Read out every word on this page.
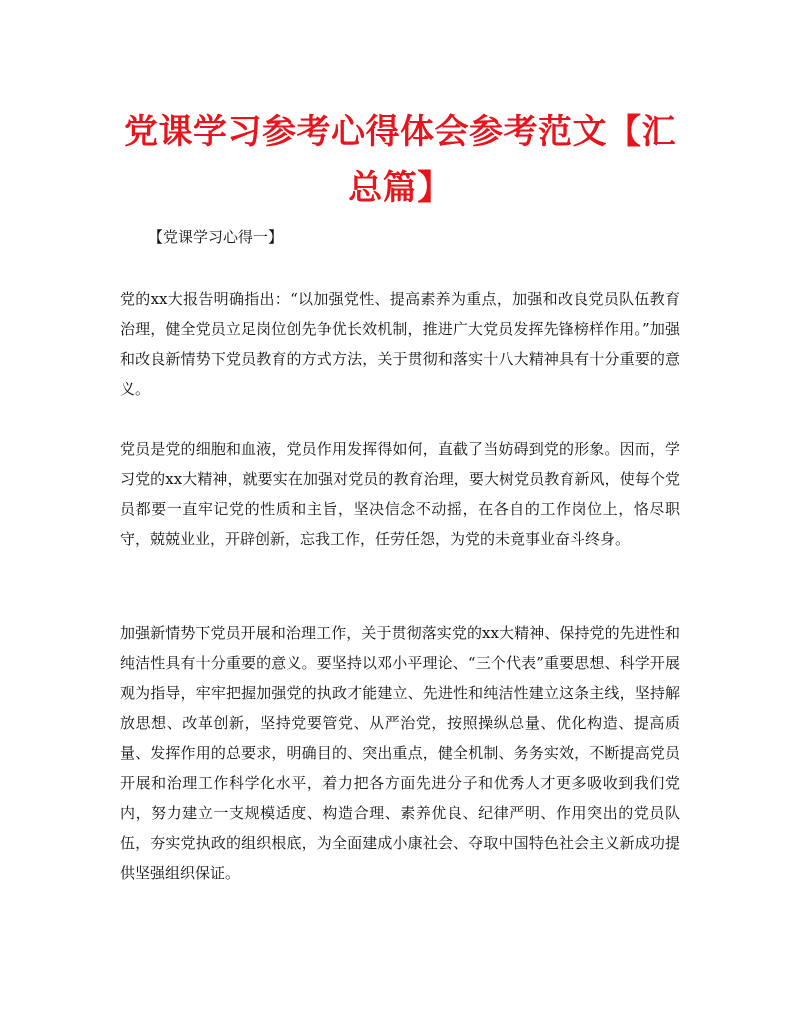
党课学习参考心得体会参考范文【汇总篇】

【党课学习心得一】

党的xx大报告明确指出：“以加强党性、提高素养为重点，加强和改良党员队伍教育治理，健全党员立足岗位创先争优长效机制，推进广大党员发挥先锋榜样作用。”加强和改良新情势下党员教育的方式方法，关于贯彻和落实十八大精神具有十分重要的意义。

党员是党的细胞和血液，党员作用发挥得如何，直截了当妨碍到党的形象。因而，学习党的xx大精神，就要实在加强对党员的教育治理，要大树党员教育新风，使每个党员都要一直牢记党的性质和主旨，坚决信念不动摇，在各自的工作岗位上，恪尽职守，兢兢业业，开辟创新，忘我工作，任劳任怨，为党的未竟事业奋斗终身。

加强新情势下党员开展和治理工作，关于贯彻落实党的xx大精神、保持党的先进性和纯洁性具有十分重要的意义。要坚持以邓小平理论、“三个代表”重要思想、科学开展观为指导，牢牢把握加强党的执政才能建立、先进性和纯洁性建立这条主线，坚持解放思想、改革创新，坚持党要管党、从严治党，按照操纵总量、优化构造、提高质量、发挥作用的总要求，明确目的、突出重点，健全机制、务务实效，不断提高党员开展和治理工作科学化水平，着力把各方面先进分子和优秀人才更多吸收到我们党内，努力建立一支规模适度、构造合理、素养优良、纪律严明、作用突出的党员队伍，夯实党执政的组织根底，为全面建成小康社会、夺取中国特色社会主义新成功提供坚强组织保证。
